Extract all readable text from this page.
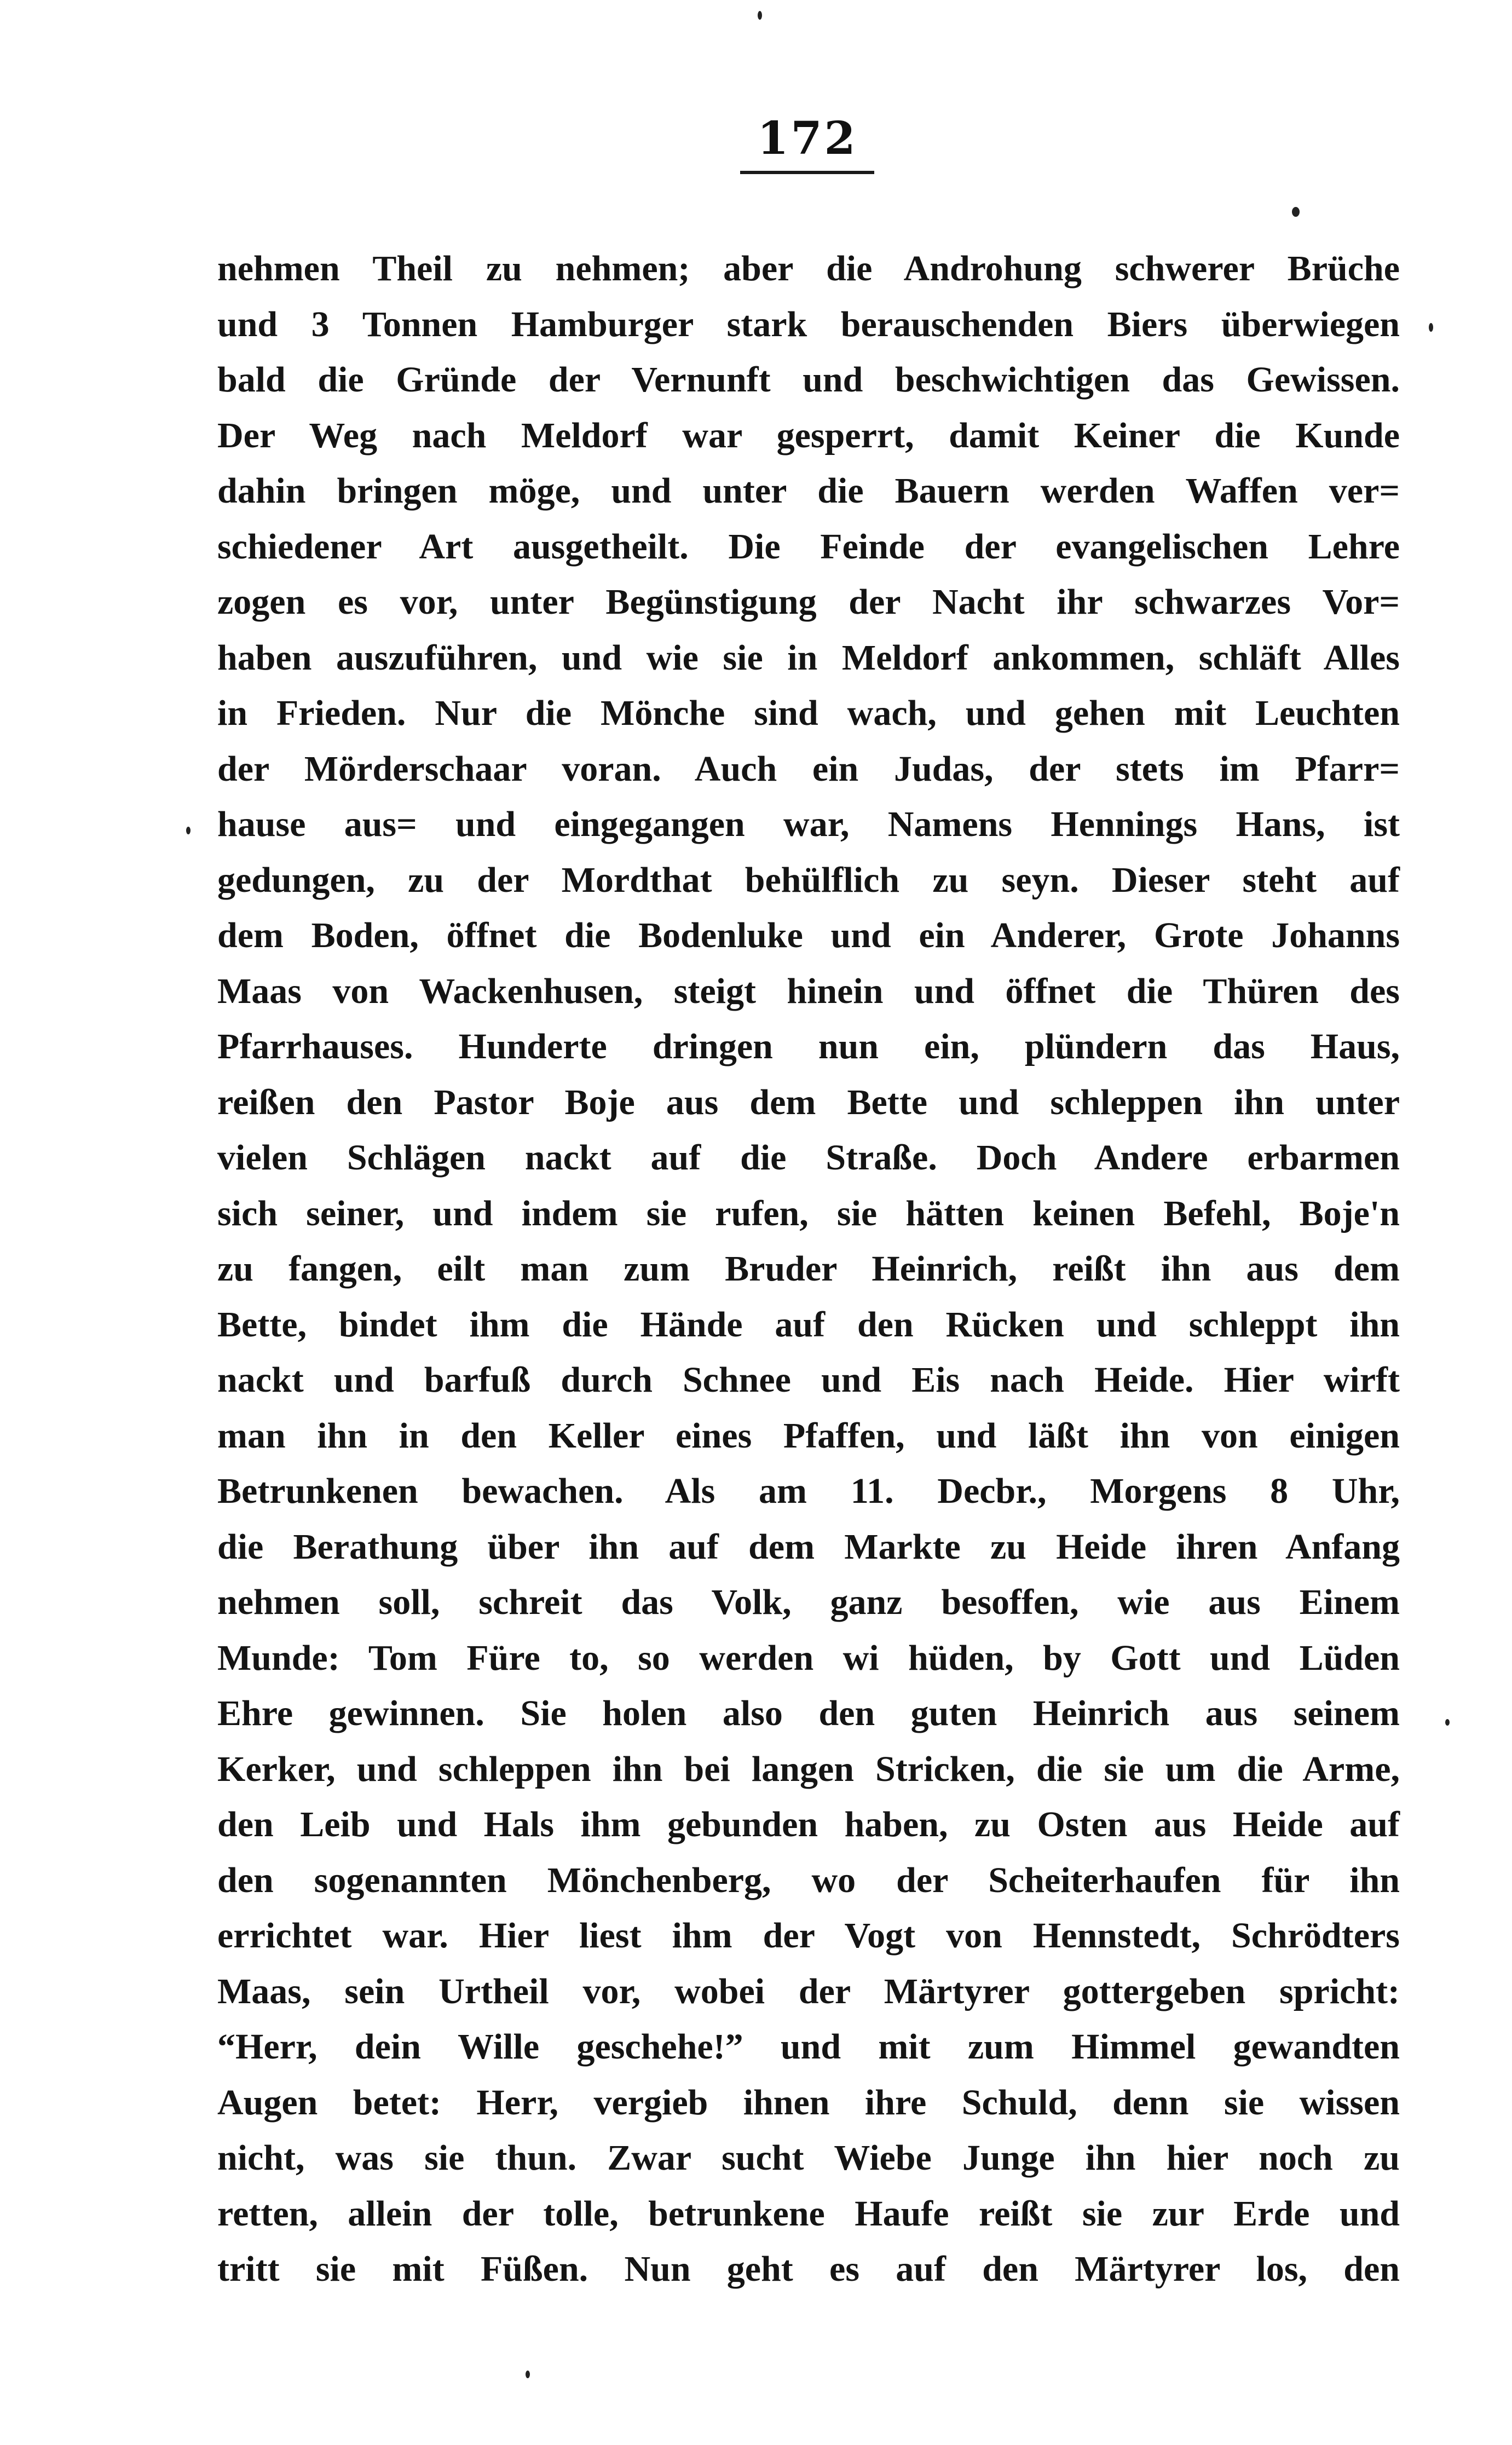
172
nehmen Theil zu nehmen; aber die Androhung schwerer Brüche
und 3 Tonnen Hamburger stark berauschenden Biers überwiegen
bald die Gründe der Vernunft und beschwichtigen das Gewissen.
Der Weg nach Meldorf war gesperrt, damit Keiner die Kunde
dahin bringen möge, und unter die Bauern werden Waffen ver=
schiedener Art ausgetheilt. Die Feinde der evangelischen Lehre
zogen es vor, unter Begünstigung der Nacht ihr schwarzes Vor=
haben auszuführen, und wie sie in Meldorf ankommen, schläft Alles
in Frieden. Nur die Mönche sind wach, und gehen mit Leuchten
der Mörderschaar voran. Auch ein Judas, der stets im Pfarr=
hause aus= und eingegangen war, Namens Hennings Hans, ist
gedungen, zu der Mordthat behülflich zu seyn. Dieser steht auf
dem Boden, öffnet die Bodenluke und ein Anderer, Grote Johanns
Maas von Wackenhusen, steigt hinein und öffnet die Thüren des
Pfarrhauses. Hunderte dringen nun ein, plündern das Haus,
reißen den Pastor Boje aus dem Bette und schleppen ihn unter
vielen Schlägen nackt auf die Straße. Doch Andere erbarmen
sich seiner, und indem sie rufen, sie hätten keinen Befehl, Boje'n
zu fangen, eilt man zum Bruder Heinrich, reißt ihn aus dem
Bette, bindet ihm die Hände auf den Rücken und schleppt ihn
nackt und barfuß durch Schnee und Eis nach Heide. Hier wirft
man ihn in den Keller eines Pfaffen, und läßt ihn von einigen
Betrunkenen bewachen. Als am 11. Decbr., Morgens 8 Uhr,
die Berathung über ihn auf dem Markte zu Heide ihren Anfang
nehmen soll, schreit das Volk, ganz besoffen, wie aus Einem
Munde: Tom Füre to, so werden wi hüden, by Gott und Lüden
Ehre gewinnen. Sie holen also den guten Heinrich aus seinem
Kerker, und schleppen ihn bei langen Stricken, die sie um die Arme,
den Leib und Hals ihm gebunden haben, zu Osten aus Heide auf
den sogenannten Mönchenberg, wo der Scheiterhaufen für ihn
errichtet war. Hier liest ihm der Vogt von Hennstedt, Schrödters
Maas, sein Urtheil vor, wobei der Märtyrer gottergeben spricht:
“Herr, dein Wille geschehe!” und mit zum Himmel gewandten
Augen betet: Herr, vergieb ihnen ihre Schuld, denn sie wissen
nicht, was sie thun. Zwar sucht Wiebe Junge ihn hier noch zu
retten, allein der tolle, betrunkene Haufe reißt sie zur Erde und
tritt sie mit Füßen. Nun geht es auf den Märtyrer los, den
